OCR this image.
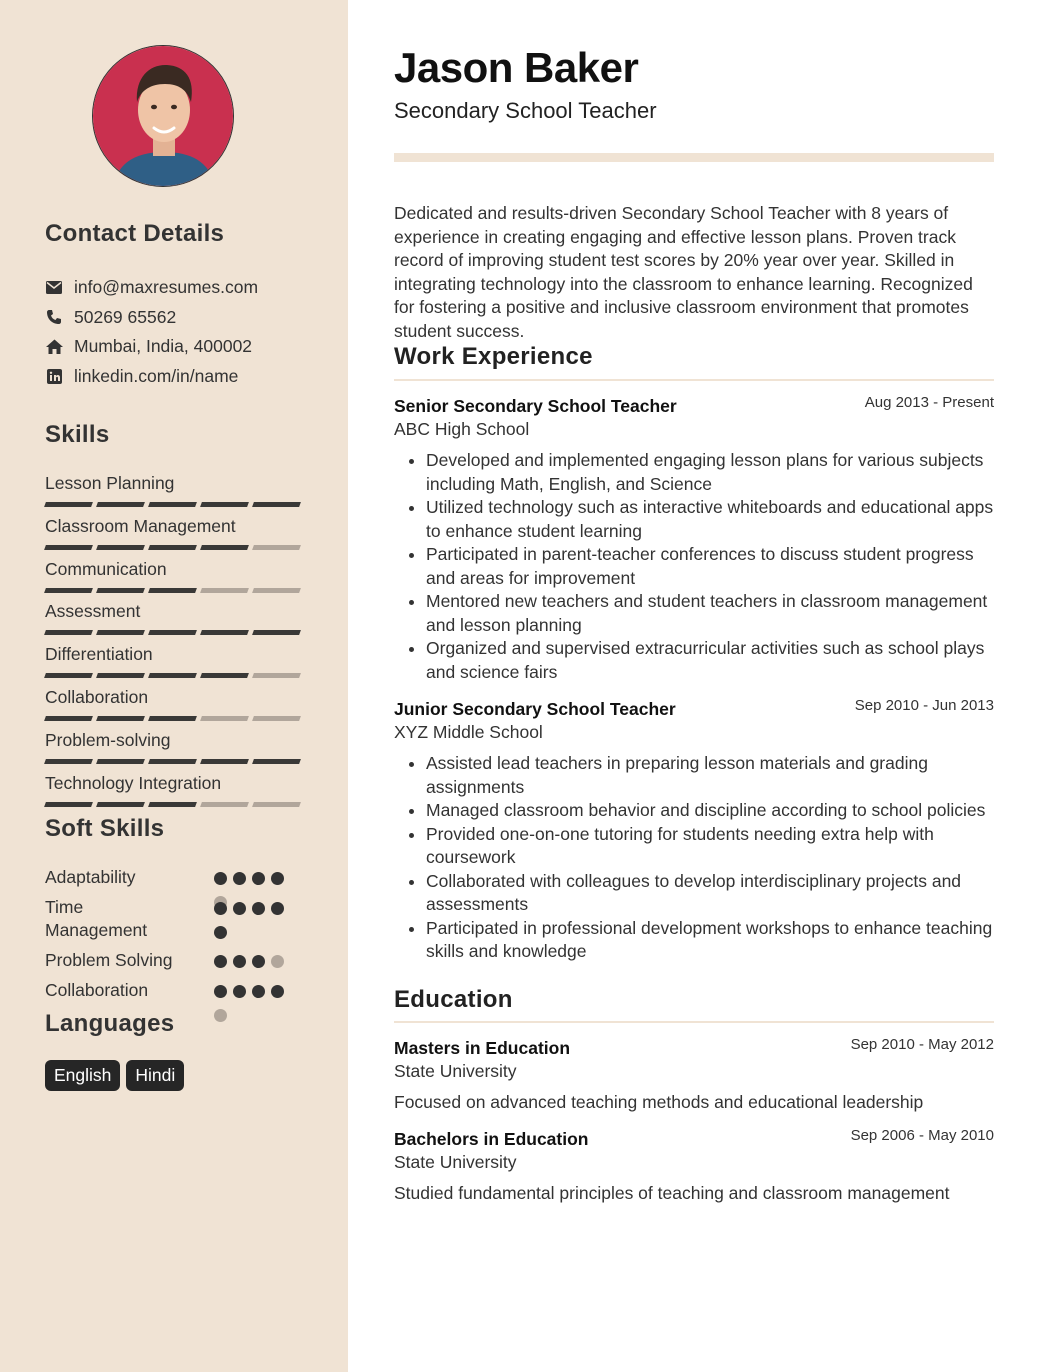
Contact Details
info@maxresumes.com
50269 65562
Mumbai, India, 400002
linkedin.com/in/name
Skills
Lesson Planning
Classroom Management
Communication
Assessment
Differentiation
Collaboration
Problem-solving
Technology Integration
Soft Skills
Adaptability
Time Management
Problem Solving
Collaboration
Languages
English	Hindi
Jason Baker
Secondary School Teacher

Dedicated and results-driven Secondary School Teacher with 8 years of experience in creating engaging and effective lesson plans. Proven track record of improving student test scores by 20% year over year. Skilled in integrating technology into the classroom to enhance learning. Recognized for fostering a positive and inclusive classroom environment that promotes student success.

Work Experience
Senior Secondary School Teacher	Aug 2013 - Present
ABC High School
• Developed and implemented engaging lesson plans for various subjects including Math, English, and Science
• Utilized technology such as interactive whiteboards and educational apps to enhance student learning
• Participated in parent-teacher conferences to discuss student progress and areas for improvement
• Mentored new teachers and student teachers in classroom management and lesson planning
• Organized and supervised extracurricular activities such as school plays and science fairs
Junior Secondary School Teacher	Sep 2010 - Jun 2013
XYZ Middle School
• Assisted lead teachers in preparing lesson materials and grading assignments
• Managed classroom behavior and discipline according to school policies
• Provided one-on-one tutoring for students needing extra help with coursework
• Collaborated with colleagues to develop interdisciplinary projects and assessments
• Participated in professional development workshops to enhance teaching skills and knowledge
Education
Masters in Education	Sep 2010 - May 2012
State University
Focused on advanced teaching methods and educational leadership
Bachelors in Education	Sep 2006 - May 2010
State University
Studied fundamental principles of teaching and classroom management
